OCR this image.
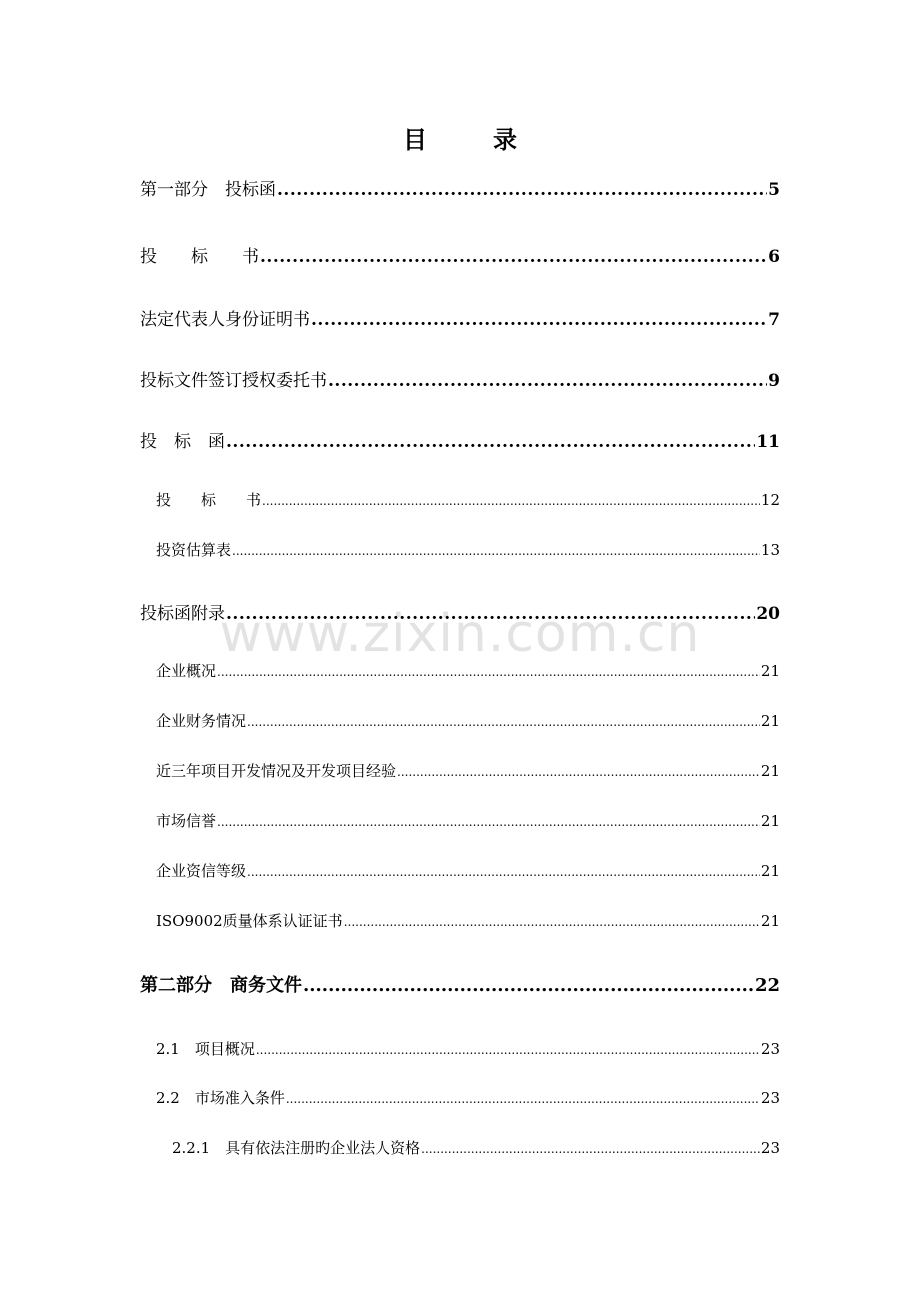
目	录
第一部分　投标函 .....	5
投　　标　　书 .....	6
法定代表人身份证明书 .....	7
投标文件签订授权委托书 .....	9
投　标　函 .....	11
投　　标　　书 .....	12
投资估算表 .....	13
投标函附录 .....	20
企业概况 .....	21
企业财务情况 .....	21
近三年项目开发情况及开发项目经验 .....	21
市场信誉 .....	21
企业资信等级 .....	21
ISO9002质量体系认证证书 .....	21
第二部分　商务文件 .....	22
2.1　项目概况 .....	23
2.2　市场准入条件 .....	23
2.2.1　具有依法注册旳企业法人资格 .....	23
www.zixin.com.cn
